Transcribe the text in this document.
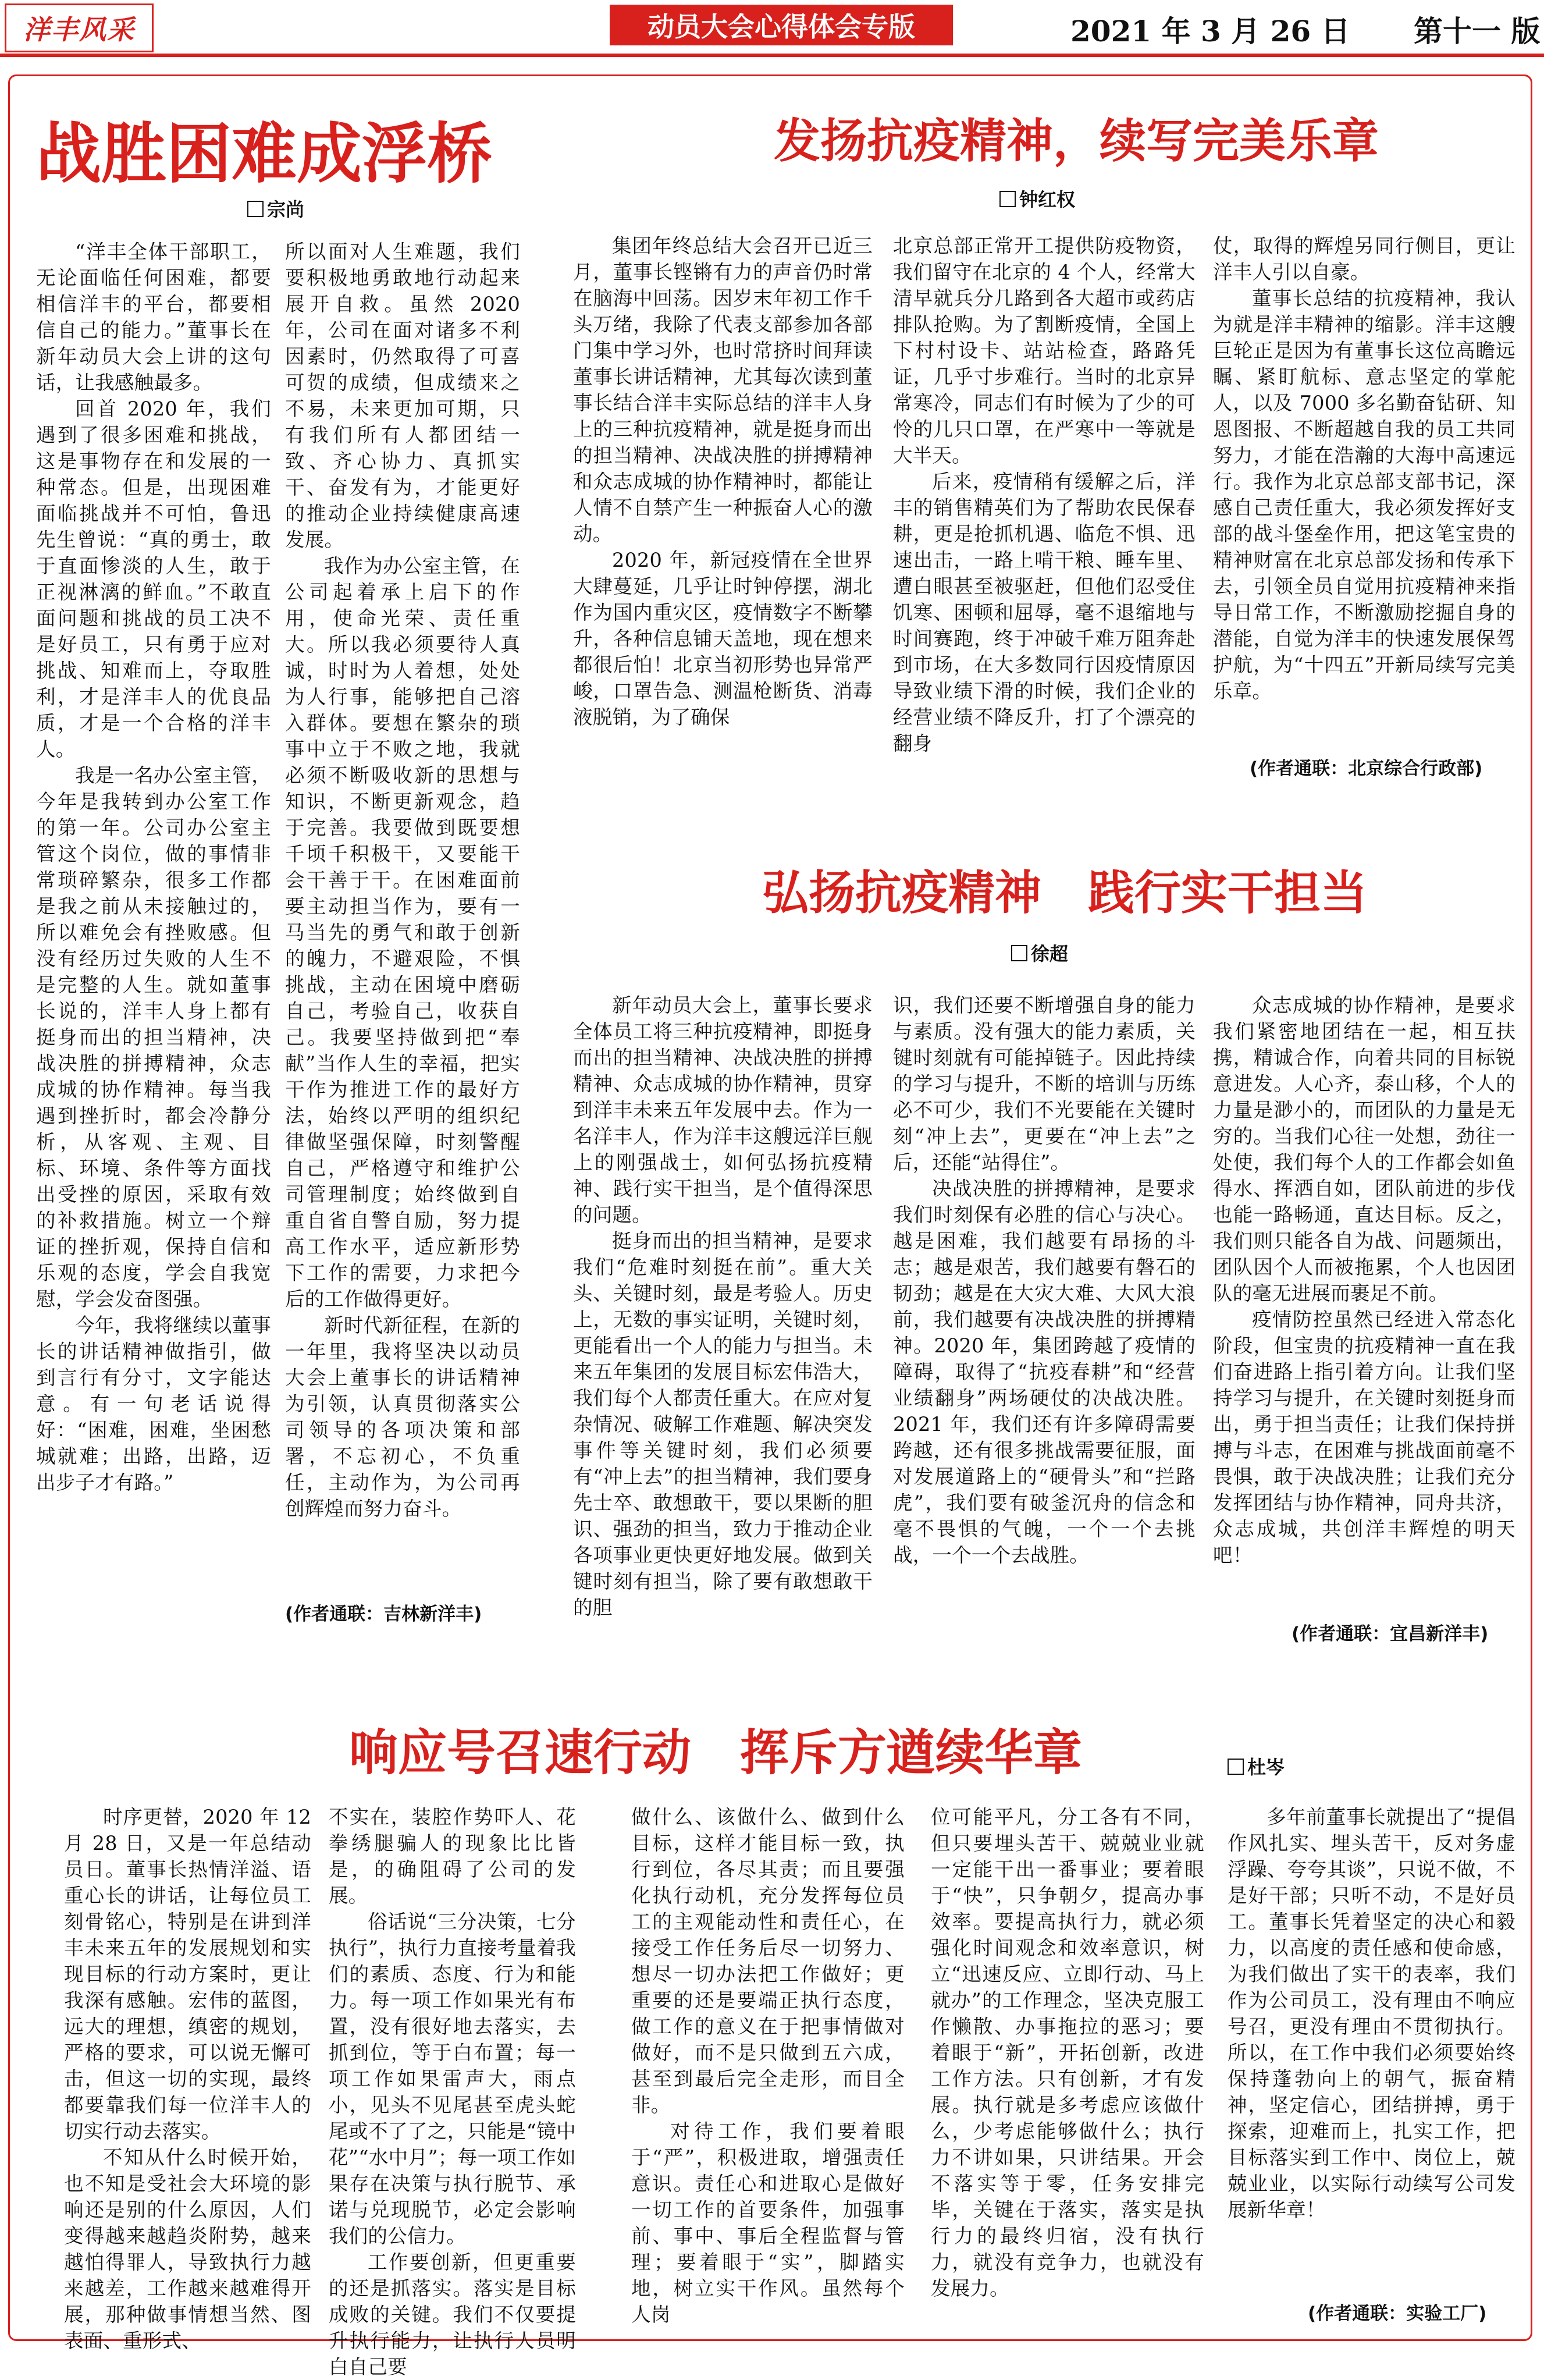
洋丰风采	动员大会心得体会专版	2021 年 3 月 26 日 第十一 版
战胜困难成浮桥
宗尚

“洋丰全体干部职工，无论面临任何困难，都要相信洋丰的平台，都要相信自己的能力。”董事长在新年动员大会上讲的这句话，让我感触最多。

回首 2020 年，我们遇到了很多困难和挑战，这是事物存在和发展的一种常态。但是，出现困难面临挑战并不可怕，鲁迅先生曾说：“真的勇士，敢于直面惨淡的人生，敢于正视淋漓的鲜血。”不敢直面问题和挑战的员工决不是好员工，只有勇于应对挑战、知难而上，夺取胜利，才是洋丰人的优良品质，才是一个合格的洋丰人。

我是一名办公室主管，今年是我转到办公室工作的第一年。公司办公室主管这个岗位，做的事情非常琐碎繁杂，很多工作都是我之前从未接触过的，所以难免会有挫败感。但没有经历过失败的人生不是完整的人生。就如董事长说的，洋丰人身上都有挺身而出的担当精神，决战决胜的拼搏精神，众志成城的协作精神。每当我遇到挫折时，都会冷静分析，从客观、主观、目标、环境、条件等方面找出受挫的原因，采取有效的补救措施。树立一个辩证的挫折观，保持自信和乐观的态度，学会自我宽慰，学会发奋图强。

今年，我将继续以董事长的讲话精神做指引，做到言行有分寸，文字能达意。有一句老话说得好：“困难，困难，坐困愁城就难；出路，出路，迈出步子才有路。”

所以面对人生难题，我们要积极地勇敢地行动起来展开自救。虽然 2020 年，公司在面对诸多不利因素时，仍然取得了可喜可贺的成绩，但成绩来之不易，未来更加可期，只有我们所有人都团结一致、齐心协力、真抓实干、奋发有为，才能更好的推动企业持续健康高速发展。

我作为办公室主管，在公司起着承上启下的作用，使命光荣、责任重大。所以我必须要待人真诚，时时为人着想，处处为人行事，能够把自己溶入群体。要想在繁杂的琐事中立于不败之地，我就必须不断吸收新的思想与知识，不断更新观念，趋于完善。我要做到既要想千顷千积极干，又要能干会干善于干。在困难面前要主动担当作为，要有一马当先的勇气和敢于创新的魄力，不避艰险，不惧挑战，主动在困境中磨砺自己，考验自己，收获自己。我要坚持做到把“奉献”当作人生的幸福，把实干作为推进工作的最好方法，始终以严明的组织纪律做坚强保障，时刻警醒自己，严格遵守和维护公司管理制度；始终做到自重自省自警自励，努力提高工作水平，适应新形势下工作的需要，力求把今后的工作做得更好。

新时代新征程，在新的一年里，我将坚决以动员大会上董事长的讲话精神为引领，认真贯彻落实公司领导的各项决策和部署，不忘初心，不负重任，主动作为，为公司再创辉煌而努力奋斗。

(作者通联：吉林新洋丰)
发扬抗疫精神，续写完美乐章
钟红权

集团年终总结大会召开已近三月，董事长铿锵有力的声音仍时常在脑海中回荡。因岁末年初工作千头万绪，我除了代表支部参加各部门集中学习外，也时常挤时间拜读董事长讲话精神，尤其每次读到董事长结合洋丰实际总结的洋丰人身上的三种抗疫精神，就是挺身而出的担当精神、决战决胜的拼搏精神和众志成城的协作精神时，都能让人情不自禁产生一种振奋人心的激动。

2020 年，新冠疫情在全世界大肆蔓延，几乎让时钟停摆，湖北作为国内重灾区，疫情数字不断攀升，各种信息铺天盖地，现在想来都很后怕！北京当初形势也异常严峻，口罩告急、测温枪断货、消毒液脱销，为了确保

北京总部正常开工提供防疫物资，我们留守在北京的 4 个人，经常大清早就兵分几路到各大超市或药店排队抢购。为了割断疫情，全国上下村村设卡、站站检查，路路凭证，几乎寸步难行。当时的北京异常寒冷，同志们有时候为了少的可怜的几只口罩，在严寒中一等就是大半天。

后来，疫情稍有缓解之后，洋丰的销售精英们为了帮助农民保春耕，更是抢抓机遇、临危不惧、迅速出击，一路上啃干粮、睡车里、遭白眼甚至被驱赶，但他们忍受住饥寒、困顿和屈辱，毫不退缩地与时间赛跑，终于冲破千难万阻奔赴到市场，在大多数同行因疫情原因导致业绩下滑的时候，我们企业的经营业绩不降反升，打了个漂亮的翻身

仗，取得的辉煌另同行侧目，更让洋丰人引以自豪。

董事长总结的抗疫精神，我认为就是洋丰精神的缩影。洋丰这艘巨轮正是因为有董事长这位高瞻远瞩、紧盯航标、意志坚定的掌舵人，以及 7000 多名勤奋钻研、知恩图报、不断超越自我的员工共同努力，才能在浩瀚的大海中高速远行。我作为北京总部支部书记，深感自己责任重大，我必须发挥好支部的战斗堡垒作用，把这笔宝贵的精神财富在北京总部发扬和传承下去，引领全员自觉用抗疫精神来指导日常工作，不断激励挖掘自身的潜能，自觉为洋丰的快速发展保驾护航，为“十四五”开新局续写完美乐章。

(作者通联：北京综合行政部)
弘扬抗疫精神　践行实干担当
徐超

新年动员大会上，董事长要求全体员工将三种抗疫精神，即挺身而出的担当精神、决战决胜的拼搏精神、众志成城的协作精神，贯穿到洋丰未来五年发展中去。作为一名洋丰人，作为洋丰这艘远洋巨舰上的刚强战士，如何弘扬抗疫精神、践行实干担当，是个值得深思的问题。

挺身而出的担当精神，是要求我们“危难时刻挺在前”。重大关头、关键时刻，最是考验人。历史上，无数的事实证明，关键时刻，更能看出一个人的能力与担当。未来五年集团的发展目标宏伟浩大，我们每个人都责任重大。在应对复杂情况、破解工作难题、解决突发事件等关键时刻，我们必须要有“冲上去”的担当精神，我们要身先士卒、敢想敢干，要以果断的胆识、强劲的担当，致力于推动企业各项事业更快更好地发展。做到关键时刻有担当，除了要有敢想敢干的胆

识，我们还要不断增强自身的能力与素质。没有强大的能力素质，关键时刻就有可能掉链子。因此持续的学习与提升，不断的培训与历练必不可少，我们不光要能在关键时刻“冲上去”，更要在“冲上去”之后，还能“站得住”。

决战决胜的拼搏精神，是要求我们时刻保有必胜的信心与决心。越是困难，我们越要有昂扬的斗志；越是艰苦，我们越要有磐石的韧劲；越是在大灾大难、大风大浪前，我们越要有决战决胜的拼搏精神。2020 年，集团跨越了疫情的障碍，取得了“抗疫春耕”和“经营业绩翻身”两场硬仗的决战决胜。2021 年，我们还有许多障碍需要跨越，还有很多挑战需要征服，面对发展道路上的“硬骨头”和“拦路虎”，我们要有破釜沉舟的信念和毫不畏惧的气魄，一个一个去挑战，一个一个去战胜。

众志成城的协作精神，是要求我们紧密地团结在一起，相互扶携，精诚合作，向着共同的目标锐意进发。人心齐，泰山移，个人的力量是渺小的，而团队的力量是无穷的。当我们心往一处想，劲往一处使，我们每个人的工作都会如鱼得水、挥洒自如，团队前进的步伐也能一路畅通，直达目标。反之，我们则只能各自为战、问题频出，团队因个人而被拖累，个人也因团队的毫无进展而裹足不前。

疫情防控虽然已经进入常态化阶段，但宝贵的抗疫精神一直在我们奋进路上指引着方向。让我们坚持学习与提升，在关键时刻挺身而出，勇于担当责任；让我们保持拼搏与斗志，在困难与挑战面前毫不畏惧，敢于决战决胜；让我们充分发挥团结与协作精神，同舟共济，众志成城，共创洋丰辉煌的明天吧！

(作者通联：宜昌新洋丰)
响应号召速行动　挥斥方遒续华章	杜岑

时序更替，2020 年 12 月 28 日，又是一年总结动员日。董事长热情洋溢、语重心长的讲话，让每位员工刻骨铭心，特别是在讲到洋丰未来五年的发展规划和实现目标的行动方案时，更让我深有感触。宏伟的蓝图，远大的理想，缜密的规划，严格的要求，可以说无懈可击，但这一切的实现，最终都要靠我们每一位洋丰人的切实行动去落实。

不知从什么时候开始，也不知是受社会大环境的影响还是别的什么原因，人们变得越来越趋炎附势，越来越怕得罪人，导致执行力越来越差，工作越来越难得开展，那种做事情想当然、图表面、重形式、

不实在，装腔作势吓人、花拳绣腿骗人的现象比比皆是，的确阻碍了公司的发展。

俗话说“三分决策，七分执行”，执行力直接考量着我们的素质、态度、行为和能力。每一项工作如果光有布置，没有很好地去落实，去抓到位，等于白布置；每一项工作如果雷声大，雨点小，见头不见尾甚至虎头蛇尾或不了了之，只能是“镜中花”“水中月”；每一项工作如果存在决策与执行脱节、承诺与兑现脱节，必定会影响我们的公信力。

工作要创新，但更重要的还是抓落实。落实是目标成败的关键。我们不仅要提升执行能力，让执行人员明白自己要

做什么、该做什么、做到什么目标，这样才能目标一致，执行到位，各尽其责；而且要强化执行动机，充分发挥每位员工的主观能动性和责任心，在接受工作任务后尽一切努力、想尽一切办法把工作做好；更重要的还是要端正执行态度，做工作的意义在于把事情做对做好，而不是只做到五六成，甚至到最后完全走形，而目全非。

对待工作，我们要着眼于“严”，积极进取，增强责任意识。责任心和进取心是做好一切工作的首要条件，加强事前、事中、事后全程监督与管理；要着眼于“实”，脚踏实地，树立实干作风。虽然每个人岗

位可能平凡，分工各有不同，但只要埋头苦干、兢兢业业就一定能干出一番事业；要着眼于“快”，只争朝夕，提高办事效率。要提高执行力，就必须强化时间观念和效率意识，树立“迅速反应、立即行动、马上就办”的工作理念，坚决克服工作懒散、办事拖拉的恶习；要着眼于“新”，开拓创新，改进工作方法。只有创新，才有发展。执行就是多考虑应该做什么，少考虑能够做什么；执行力不讲如果，只讲结果。开会不落实等于零，任务安排完毕，关键在于落实，落实是执行力的最终归宿，没有执行力，就没有竞争力，也就没有发展力。

多年前董事长就提出了“提倡作风扎实、埋头苦干，反对务虚浮躁、夸夸其谈”，只说不做，不是好干部；只听不动，不是好员工。董事长凭着坚定的决心和毅力，以高度的责任感和使命感，为我们做出了实干的表率，我们作为公司员工，没有理由不响应号召，更没有理由不贯彻执行。所以，在工作中我们必须要始终保持蓬勃向上的朝气，振奋精神，坚定信心，团结拼搏，勇于探索，迎难而上，扎实工作，把目标落实到工作中、岗位上，兢兢业业，以实际行动续写公司发展新华章！

(作者通联：实验工厂)
